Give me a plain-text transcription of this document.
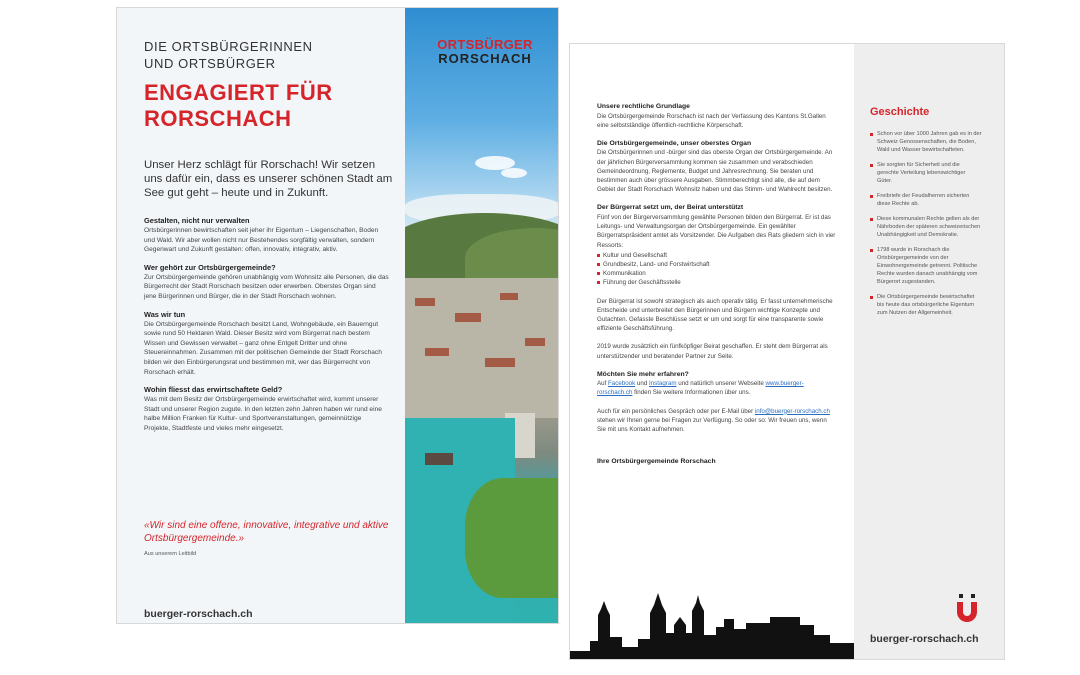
DIE ORTSBÜRGERINNEN
UND ORTSBÜRGER
ENGAGIERT FÜR
RORSCHACH
Unser Herz schlägt für Rorschach! Wir setzen uns dafür ein, dass es unserer schönen Stadt am See gut geht – heute und in Zukunft.
Gestalten, nicht nur verwalten
Ortsbürgerinnen bewirtschaften seit jeher ihr Eigentum – Liegenschaften, Boden und Wald. Wir aber wollen nicht nur Bestehendes sorgfältig verwalten, sondern Gegenwart und Zukunft gestalten: offen, innovativ, integrativ, aktiv.
Wer gehört zur Ortsbürgergemeinde?
Zur Ortsbürgergemeinde gehören unabhängig vom Wohnsitz alle Personen, die das Bürgerrecht der Stadt Rorschach besitzen oder erwerben. Oberstes Organ sind jene Bürgerinnen und Bürger, die in der Stadt Rorschach wohnen.
Was wir tun
Die Ortsbürgergemeinde Rorschach besitzt Land, Wohngebäude, ein Bauerngut sowie rund 50 Hektaren Wald. Dieser Besitz wird vom Bürgerrat nach bestem Wissen und Gewissen verwaltet – ganz ohne Entgelt Dritter und ohne Steuereinnahmen. Zusammen mit der politischen Gemeinde der Stadt Rorschach bilden wir den Einbürgerungsrat und bestimmen mit, wer das Bürgerrecht von Rorschach erhält.
Wohin fliesst das erwirtschaftete Geld?
Was mit dem Besitz der Ortsbürgergemeinde erwirtschaftet wird, kommt unserer Stadt und unserer Region zugute. In den letzten zehn Jahren haben wir rund eine halbe Million Franken für Kultur- und Sportveranstaltungen, gemeinnützige Projekte, Stadtfeste und vieles mehr eingesetzt.
«Wir sind eine offene, innovative, integrative und aktive Ortsbürgergemeinde.»
Aus unserem Leitbild
buerger-rorschach.ch
ORTSBÜRGER
RORSCHACH
Unsere rechtliche Grundlage
Die Ortsbürgergemeinde Rorschach ist nach der Verfassung des Kantons St.Gallen eine selbstständige öffentlich-rechtliche Körperschaft.
Die Ortsbürgergemeinde, unser oberstes Organ
Die Ortsbürgerinnen und -bürger sind das oberste Organ der Ortsbürgergemeinde. An der jährlichen Bürgerversammlung kommen sie zusammen und verabschieden Gemeindeordnung, Reglemente, Budget und Jahresrechnung. Sie beraten und bestimmen auch über grössere Ausgaben. Stimmberechtigt sind alle, die auf dem Gebiet der Stadt Rorschach Wohnsitz haben und das Stimm- und Wahlrecht besitzen.
Der Bürgerrat setzt um, der Beirat unterstützt
Fünf von der Bürgerversammlung gewählte Personen bilden den Bürgerrat. Er ist das Leitungs- und Verwaltungsorgan der Ortsbürgergemeinde. Ein gewählter Bürgerratspräsident amtet als Vorsitzender. Die Aufgaben des Rats gliedern sich in vier Ressorts:
Kultur und Gesellschaft
Grundbesitz, Land- und Forstwirtschaft
Kommunikation
Führung der Geschäftsstelle
Der Bürgerrat ist sowohl strategisch als auch operativ tätig. Er fasst unternehmerische Entscheide und unterbreitet den Bürgerinnen und Bürgern wichtige Konzepte und Gutachten. Gefasste Beschlüsse setzt er um und sorgt für eine transparente sowie effiziente Geschäftsführung.
2019 wurde zusätzlich ein fünfköpfiger Beirat geschaffen. Er steht dem Bürgerrat als unterstützender und beratender Partner zur Seite.
Möchten Sie mehr erfahren?
Auf Facebook und Instagram und natürlich unserer Webseite www.buerger-rorschach.ch finden Sie weitere Informationen über uns.
Auch für ein persönliches Gespräch oder per E-Mail über info@buerger-rorschach.ch stehen wir Ihnen gerne bei Fragen zur Verfügung. So oder so: Wir freuen uns, wenn Sie mit uns Kontakt aufnehmen.
Ihre Ortsbürgergemeinde Rorschach
Geschichte
Schon vor über 1000 Jahren gab es in der Schweiz Genossenschaften, die Boden, Wald und Wasser bewirtschafteten.
Sie sorgten für Sicherheit und die gerechte Verteilung lebenswichtiger Güter.
Freibriefe der Feudalherren sicherten diese Rechte ab.
Diese kommunalen Rechte gelten als der Nährboden der späteren schweizerischen Unabhängigkeit und Demokratie.
1798 wurde in Rorschach die Ortsbürgergemeinde von der Einwohnergemeinde getrennt. Politische Rechte wurden danach unabhängig vom Bürgerort zugestanden.
Die Ortsbürgergemeinde bewirtschaftet bis heute das ortsbürgerliche Eigentum zum Nutzen der Allgemeinheit.
buerger-rorschach.ch
